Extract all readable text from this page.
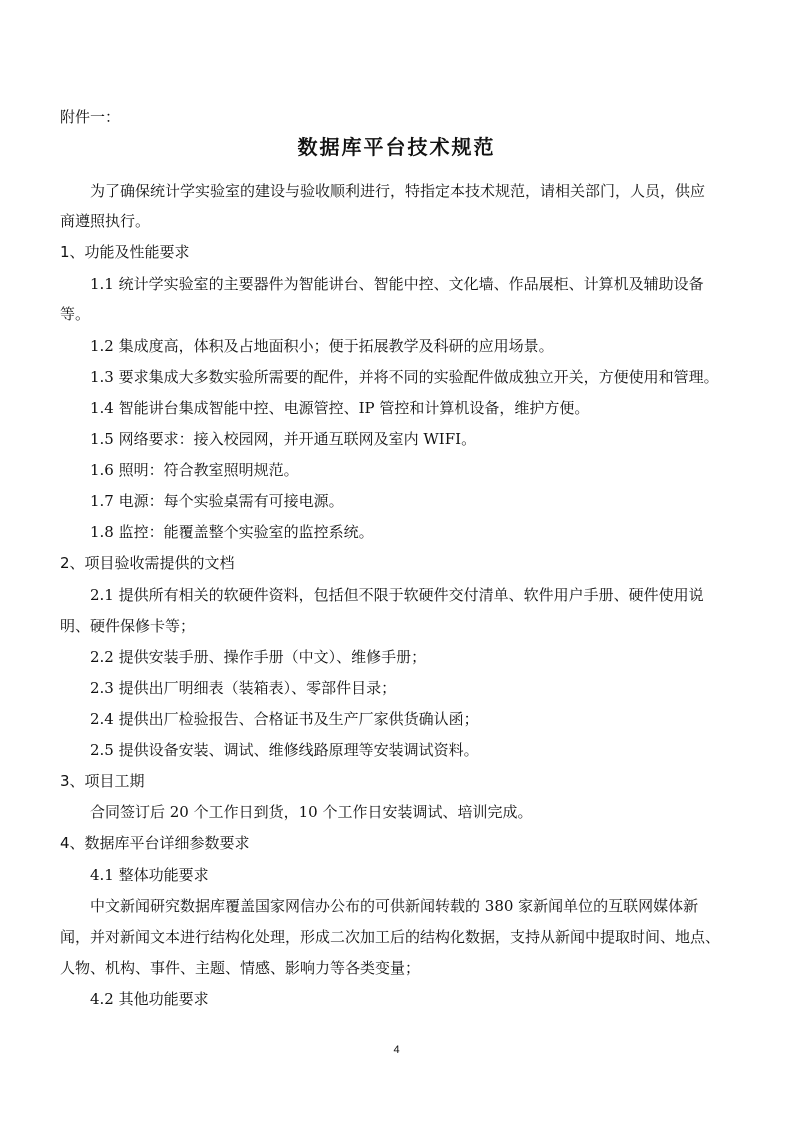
附件一：
数据库平台技术规范
为了确保统计学实验室的建设与验收顺利进行，特指定本技术规范，请相关部门，人员，供应
商遵照执行。
1、功能及性能要求
1.1 统计学实验室的主要器件为智能讲台、智能中控、文化墙、作品展柜、计算机及辅助设备
等。
1.2 集成度高，体积及占地面积小；便于拓展教学及科研的应用场景。
1.3 要求集成大多数实验所需要的配件，并将不同的实验配件做成独立开关，方便使用和管理。
1.4 智能讲台集成智能中控、电源管控、IP 管控和计算机设备，维护方便。
1.5 网络要求：接入校园网，并开通互联网及室内 WIFI。
1.6 照明：符合教室照明规范。
1.7 电源：每个实验桌需有可接电源。
1.8 监控：能覆盖整个实验室的监控系统。
2、项目验收需提供的文档
2.1 提供所有相关的软硬件资料，包括但不限于软硬件交付清单、软件用户手册、硬件使用说
明、硬件保修卡等；
2.2 提供安装手册、操作手册（中文）、维修手册；
2.3 提供出厂明细表（装箱表）、零部件目录；
2.4 提供出厂检验报告、合格证书及生产厂家供货确认函；
2.5 提供设备安装、调试、维修线路原理等安装调试资料。
3、项目工期
合同签订后 20 个工作日到货，10 个工作日安装调试、培训完成。
4、数据库平台详细参数要求
4.1 整体功能要求
中文新闻研究数据库覆盖国家网信办公布的可供新闻转载的 380 家新闻单位的互联网媒体新
闻，并对新闻文本进行结构化处理，形成二次加工后的结构化数据，支持从新闻中提取时间、地点、
人物、机构、事件、主题、情感、影响力等各类变量；
4.2 其他功能要求
4
